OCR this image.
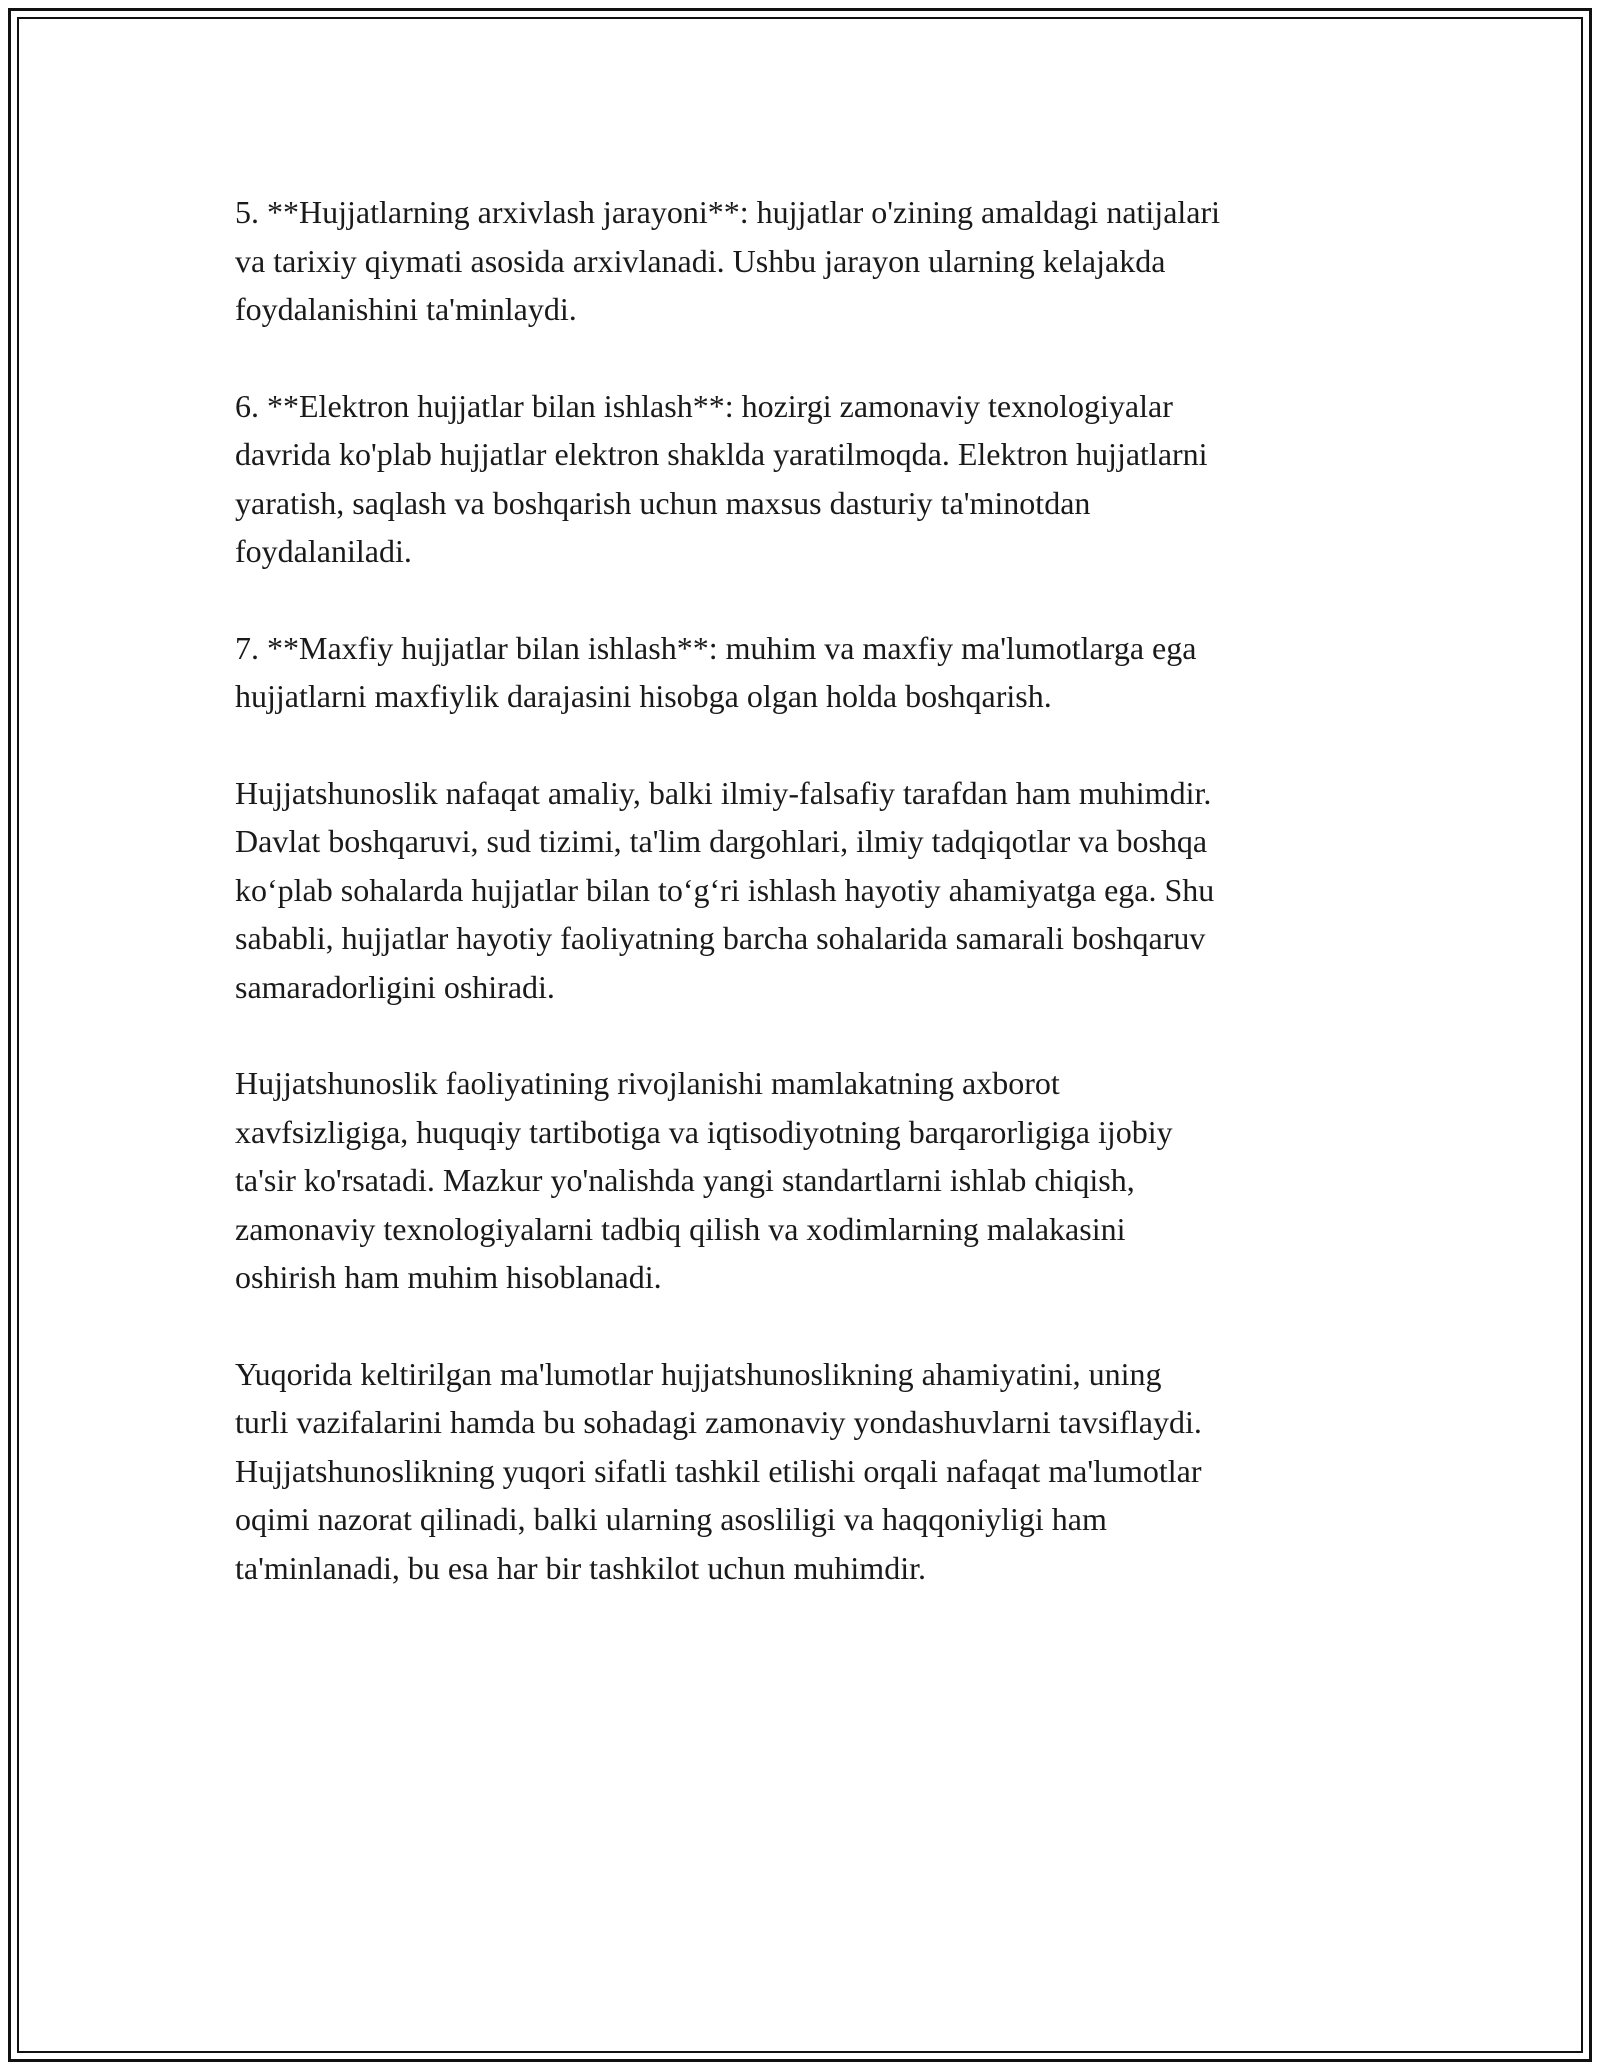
5. **Hujjatlarning arxivlash jarayoni**: hujjatlar o'zining amaldagi natijalari
va tarixiy qiymati asosida arxivlanadi. Ushbu jarayon ularning kelajakda
foydalanishini ta'minlaydi.

6. **Elektron hujjatlar bilan ishlash**: hozirgi zamonaviy texnologiyalar
davrida ko'plab hujjatlar elektron shaklda yaratilmoqda. Elektron hujjatlarni
yaratish, saqlash va boshqarish uchun maxsus dasturiy ta'minotdan
foydalaniladi.

7. **Maxfiy hujjatlar bilan ishlash**: muhim va maxfiy ma'lumotlarga ega
hujjatlarni maxfiylik darajasini hisobga olgan holda boshqarish.

Hujjatshunoslik nafaqat amaliy, balki ilmiy-falsafiy tarafdan ham muhimdir.
Davlat boshqaruvi, sud tizimi, ta'lim dargohlari, ilmiy tadqiqotlar va boshqa
ko‘plab sohalarda hujjatlar bilan to‘g‘ri ishlash hayotiy ahamiyatga ega. Shu
sababli, hujjatlar hayotiy faoliyatning barcha sohalarida samarali boshqaruv
samaradorligini oshiradi.

Hujjatshunoslik faoliyatining rivojlanishi mamlakatning axborot
xavfsizligiga, huquqiy tartibotiga va iqtisodiyotning barqarorligiga ijobiy
ta'sir ko'rsatadi. Mazkur yo'nalishda yangi standartlarni ishlab chiqish,
zamonaviy texnologiyalarni tadbiq qilish va xodimlarning malakasini
oshirish ham muhim hisoblanadi.

Yuqorida keltirilgan ma'lumotlar hujjatshunoslikning ahamiyatini, uning
turli vazifalarini hamda bu sohadagi zamonaviy yondashuvlarni tavsiflaydi.
Hujjatshunoslikning yuqori sifatli tashkil etilishi orqali nafaqat ma'lumotlar
oqimi nazorat qilinadi, balki ularning asosliligi va haqqoniyligi ham
ta'minlanadi, bu esa har bir tashkilot uchun muhimdir.
